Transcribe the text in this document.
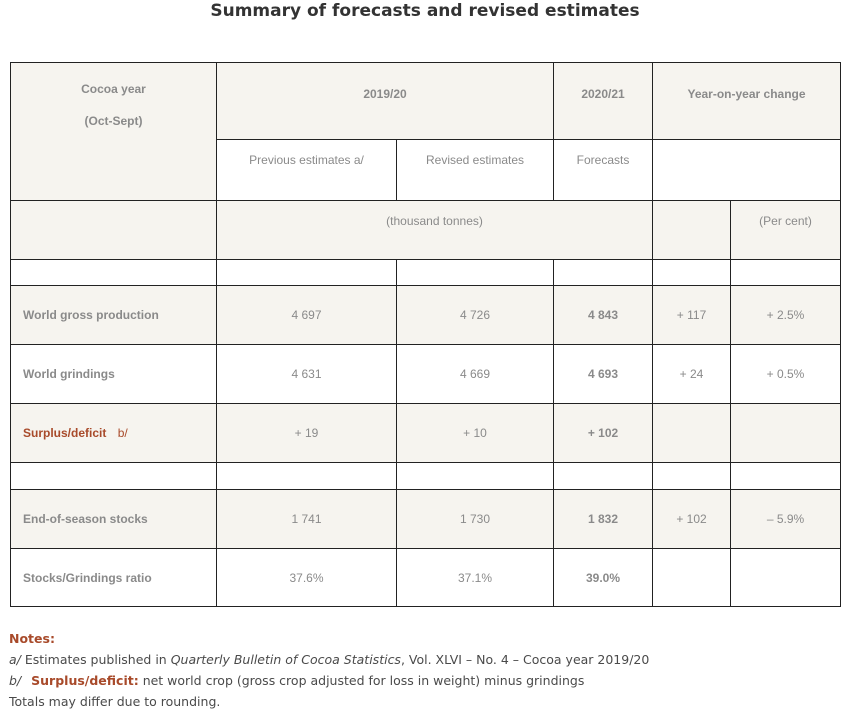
Summary of forecasts and revised estimates
Cocoa year
(Oct-Sept)	2019/20		2020/21	Year-on-year change	
	Previous estimates a/	Revised estimates	Forecasts		
	(thousand tonnes)				(Per cent)

World gross production	4 697	4 726	4 843	+ 117	+ 2.5%
World grindings	4 631	4 669	4 693	+ 24	+ 0.5%
Surplus/deficit b/	+ 19	+ 10	+ 102		

End-of-season stocks	1 741	1 730	1 832	+ 102	– 5.9%
Stocks/Grindings ratio	37.6%	37.1%	39.0%		
Notes:
a/ Estimates published in Quarterly Bulletin of Cocoa Statistics, Vol. XLVI – No. 4 – Cocoa year 2019/20
b/ Surplus/deficit: net world crop (gross crop adjusted for loss in weight) minus grindings
Totals may differ due to rounding.
